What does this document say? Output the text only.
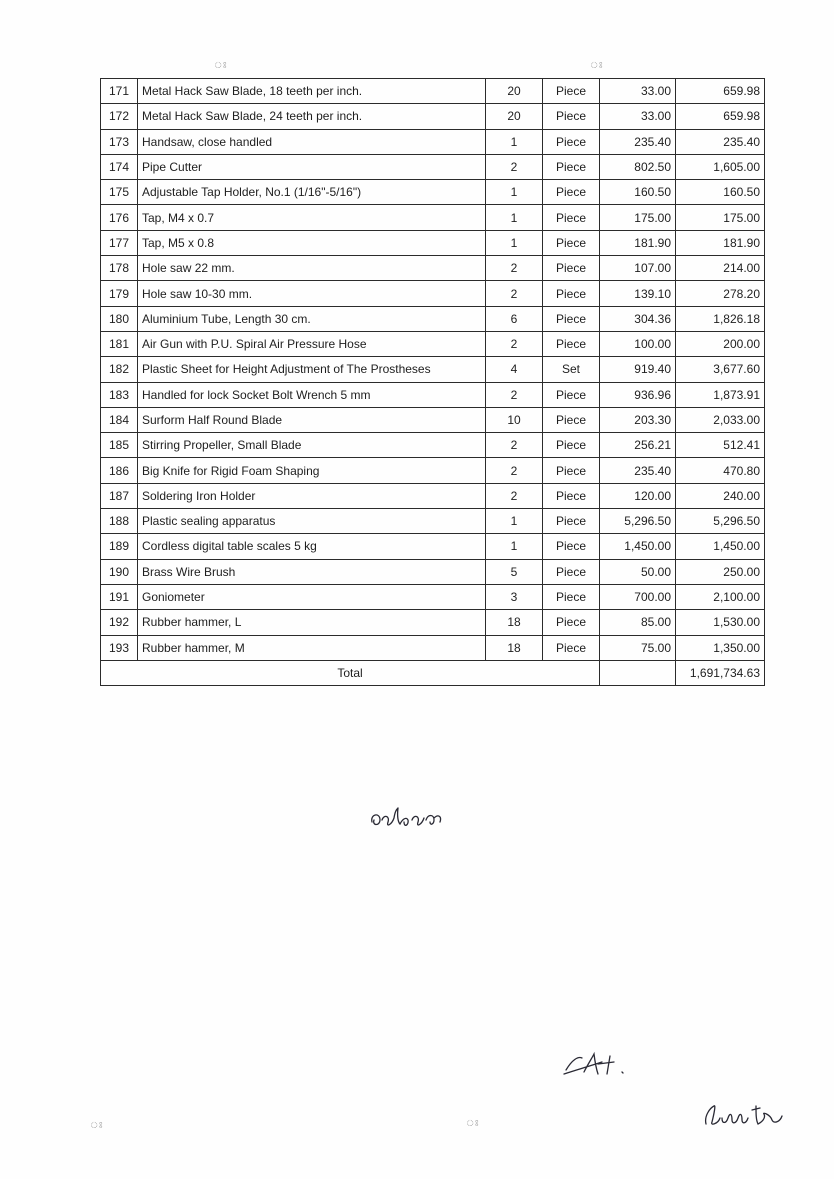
ঃ	ঃ
171	Metal Hack Saw Blade, 18 teeth per inch.	20	Piece	33.00	659.98
172	Metal Hack Saw Blade, 24 teeth per inch.	20	Piece	33.00	659.98
173	Handsaw, close handled	1	Piece	235.40	235.40
174	Pipe Cutter	2	Piece	802.50	1,605.00
175	Adjustable Tap Holder, No.1 (1/16"-5/16")	1	Piece	160.50	160.50
176	Tap, M4 x 0.7	1	Piece	175.00	175.00
177	Tap, M5 x 0.8	1	Piece	181.90	181.90
178	Hole saw 22 mm.	2	Piece	107.00	214.00
179	Hole saw 10-30 mm.	2	Piece	139.10	278.20
180	Aluminium Tube, Length 30 cm.	6	Piece	304.36	1,826.18
181	Air Gun with P.U. Spiral Air Pressure Hose	2	Piece	100.00	200.00
182	Plastic Sheet for Height Adjustment of The Prostheses	4	Set	919.40	3,677.60
183	Handled for lock Socket Bolt Wrench 5 mm	2	Piece	936.96	1,873.91
184	Surform Half Round Blade	10	Piece	203.30	2,033.00
185	Stirring Propeller, Small Blade	2	Piece	256.21	512.41
186	Big Knife for Rigid Foam Shaping	2	Piece	235.40	470.80
187	Soldering Iron Holder	2	Piece	120.00	240.00
188	Plastic sealing apparatus	1	Piece	5,296.50	5,296.50
189	Cordless digital table scales 5 kg	1	Piece	1,450.00	1,450.00
190	Brass Wire Brush	5	Piece	50.00	250.00
191	Goniometer	3	Piece	700.00	2,100.00
192	Rubber hammer, L	18	Piece	85.00	1,530.00
193	Rubber hammer, M	18	Piece	75.00	1,350.00
Total					1,691,734.63
ঃ	ঃ
